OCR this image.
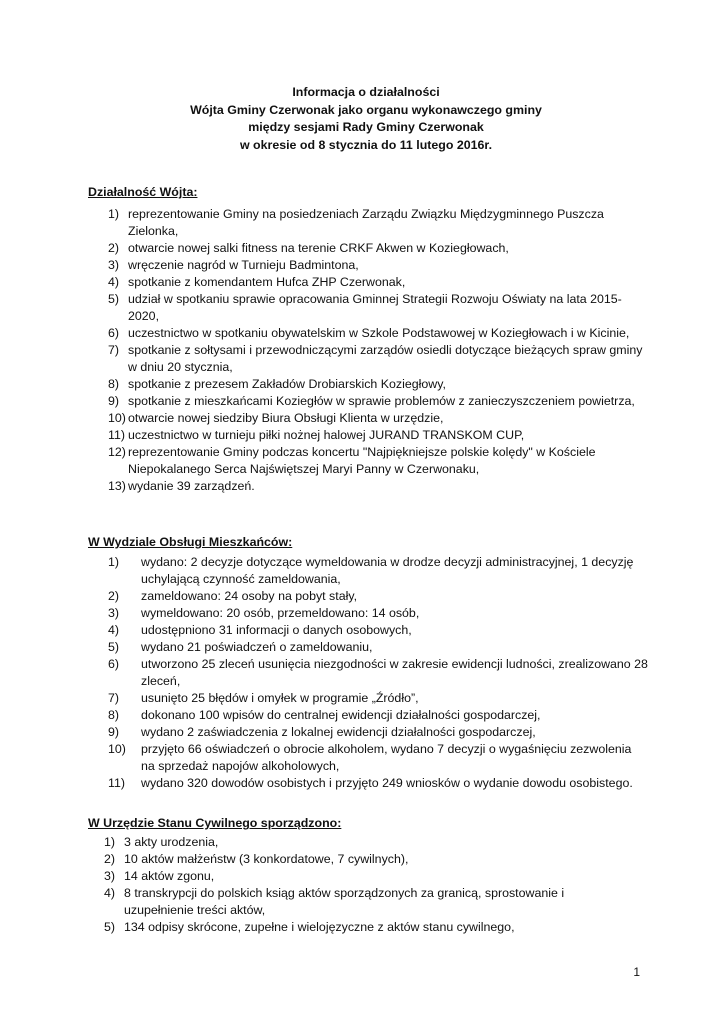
Informacja o działalności
Wójta Gminy Czerwonak jako organu wykonawczego gminy
między sesjami Rady Gminy Czerwonak
w okresie od 8 stycznia do 11 lutego 2016r.
Działalność Wójta:
1) reprezentowanie Gminy na posiedzeniach Zarządu Związku Międzygminnego Puszcza Zielonka,
2) otwarcie nowej salki fitness na terenie CRKF Akwen w Koziegłowach,
3) wręczenie nagród w Turnieju Badmintona,
4) spotkanie z komendantem Hufca ZHP Czerwonak,
5) udział w spotkaniu sprawie opracowania Gminnej Strategii Rozwoju Oświaty na lata 2015-2020,
6) uczestnictwo w spotkaniu obywatelskim w Szkole Podstawowej w Koziegłowach i w Kicinie,
7) spotkanie z sołtysami i przewodniczącymi zarządów osiedli dotyczące bieżących spraw gminy w dniu 20 stycznia,
8) spotkanie z prezesem Zakładów Drobiarskich Koziegłowy,
9) spotkanie z mieszkańcami Koziegłów w sprawie problemów z zanieczyszczeniem powietrza,
10) otwarcie nowej siedziby Biura Obsługi Klienta w urzędzie,
11) uczestnictwo w turnieju piłki nożnej halowej JURAND TRANSKOM CUP,
12) reprezentowanie Gminy podczas koncertu "Najpiękniejsze polskie kolędy" w Kościele Niepokalanego Serca Najświętszej Maryi Panny w Czerwonaku,
13) wydanie 39 zarządzeń.
W Wydziale Obsługi Mieszkańców:
1)	wydano: 2 decyzje dotyczące wymeldowania w drodze decyzji administracyjnej, 1 decyzję uchylającą czynność zameldowania,
2)	zameldowano: 24 osoby na pobyt stały,
3)	wymeldowano: 20 osób, przemeldowano: 14 osób,
4)	udostępniono 31 informacji o danych osobowych,
5)	wydano 21 poświadczeń o zameldowaniu,
6)	utworzono 25 zleceń usunięcia niezgodności w zakresie ewidencji ludności, zrealizowano 28 zleceń,
7)	usunięto 25 błędów i omyłek w programie „Źródło”,
8)	dokonano 100 wpisów do centralnej ewidencji działalności gospodarczej,
9)	wydano 2 zaświadczenia z lokalnej ewidencji działalności gospodarczej,
10)	przyjęto 66 oświadczeń o obrocie alkoholem, wydano 7 decyzji o wygaśnięciu zezwolenia na sprzedaż napojów alkoholowych,
11)	wydano 320 dowodów osobistych i przyjęto 249 wniosków o wydanie dowodu osobistego.
W Urzędzie Stanu Cywilnego sporządzono:
1) 3 akty urodzenia,
2) 10 aktów małżeństw (3 konkordatowe, 7 cywilnych),
3) 14 aktów zgonu,
4) 8 transkrypcji do polskich ksiąg aktów sporządzonych za granicą, sprostowanie i uzupełnienie treści aktów,
5) 134 odpisy skrócone, zupełne i wielojęzyczne z aktów stanu cywilnego,
1
